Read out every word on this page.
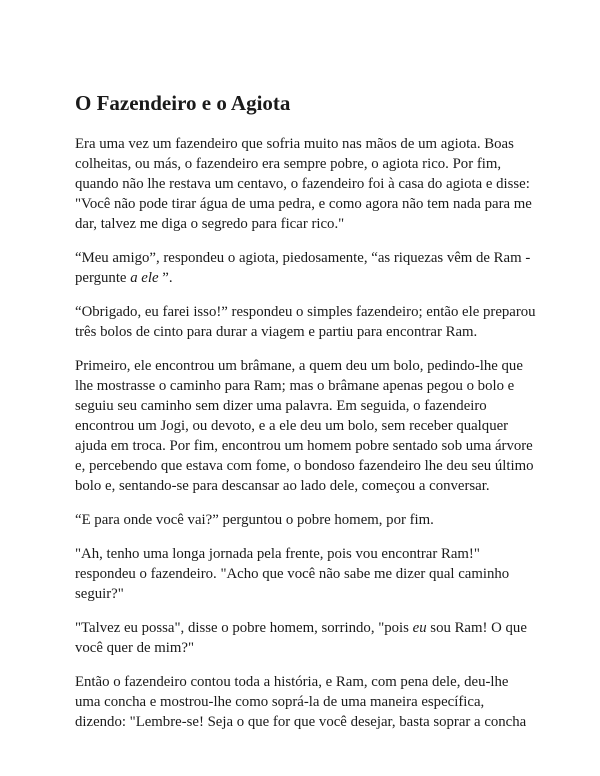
O Fazendeiro e o Agiota

Era uma vez um fazendeiro que sofria muito nas mãos de um agiota. Boas colheitas, ou más, o fazendeiro era sempre pobre, o agiota rico. Por fim, quando não lhe restava um centavo, o fazendeiro foi à casa do agiota e disse: "Você não pode tirar água de uma pedra, e como agora não tem nada para me dar, talvez me diga o segredo para ficar rico."

“Meu amigo”, respondeu o agiota, piedosamente, “as riquezas vêm de Ram - pergunte a ele ”.

“Obrigado, eu farei isso!” respondeu o simples fazendeiro; então ele preparou três bolos de cinto para durar a viagem e partiu para encontrar Ram.

Primeiro, ele encontrou um brâmane, a quem deu um bolo, pedindo-lhe que lhe mostrasse o caminho para Ram; mas o brâmane apenas pegou o bolo e seguiu seu caminho sem dizer uma palavra. Em seguida, o fazendeiro encontrou um Jogi, ou devoto, e a ele deu um bolo, sem receber qualquer ajuda em troca. Por fim, encontrou um homem pobre sentado sob uma árvore e, percebendo que estava com fome, o bondoso fazendeiro lhe deu seu último bolo e, sentando-se para descansar ao lado dele, começou a conversar.

“E para onde você vai?” perguntou o pobre homem, por fim.

"Ah, tenho uma longa jornada pela frente, pois vou encontrar Ram!" respondeu o fazendeiro. "Acho que você não sabe me dizer qual caminho seguir?"

"Talvez eu possa", disse o pobre homem, sorrindo, "pois eu sou Ram! O que você quer de mim?"

Então o fazendeiro contou toda a história, e Ram, com pena dele, deu-lhe uma concha e mostrou-lhe como soprá-la de uma maneira específica, dizendo: "Lembre-se! Seja o que for que você desejar, basta soprar a concha
